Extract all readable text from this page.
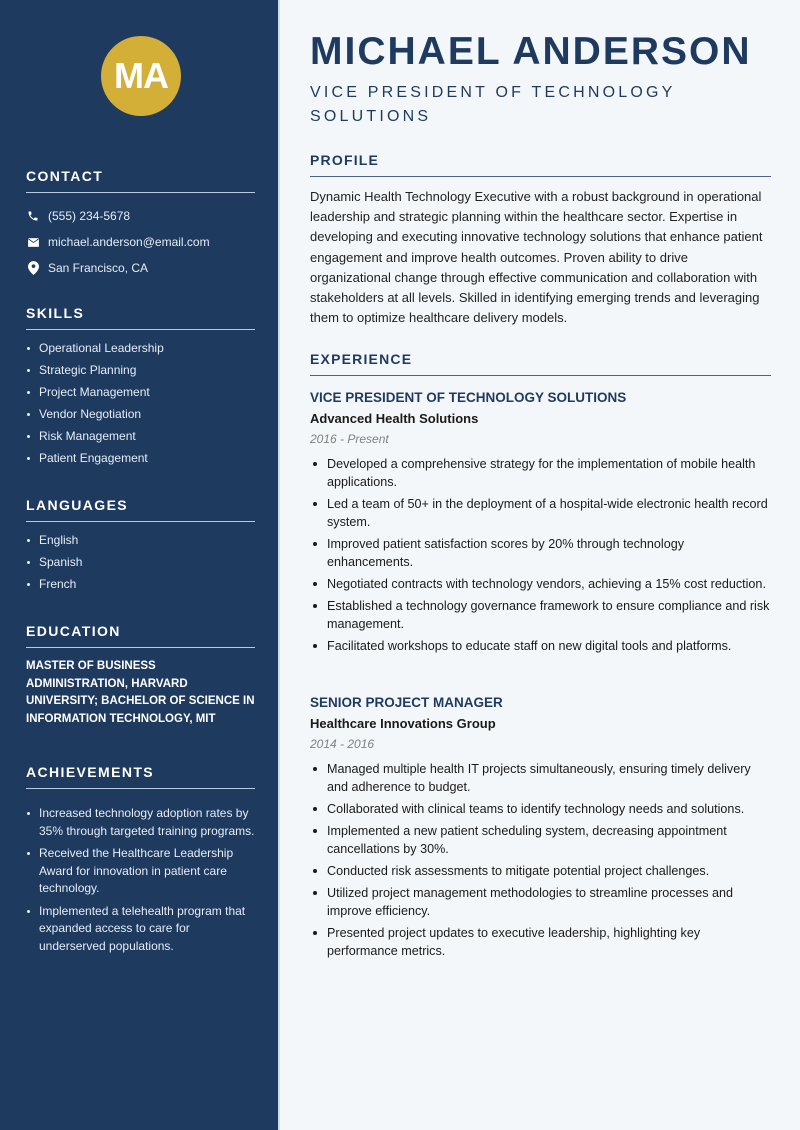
MA
CONTACT
(555) 234-5678
michael.anderson@email.com
San Francisco, CA
SKILLS
Operational Leadership
Strategic Planning
Project Management
Vendor Negotiation
Risk Management
Patient Engagement
LANGUAGES
English
Spanish
French
EDUCATION

MASTER OF BUSINESS ADMINISTRATION, HARVARD UNIVERSITY; BACHELOR OF SCIENCE IN INFORMATION TECHNOLOGY, MIT

ACHIEVEMENTS
Increased technology adoption rates by 35% through targeted training programs.
Received the Healthcare Leadership Award for innovation in patient care technology.
Implemented a telehealth program that expanded access to care for underserved populations.
MICHAEL ANDERSON
VICE PRESIDENT OF TECHNOLOGY SOLUTIONS
PROFILE

Dynamic Health Technology Executive with a robust background in operational leadership and strategic planning within the healthcare sector. Expertise in developing and executing innovative technology solutions that enhance patient engagement and improve health outcomes. Proven ability to drive organizational change through effective communication and collaboration with stakeholders at all levels. Skilled in identifying emerging trends and leveraging them to optimize healthcare delivery models.

EXPERIENCE
VICE PRESIDENT OF TECHNOLOGY SOLUTIONS
Advanced Health Solutions
2016 - Present
Developed a comprehensive strategy for the implementation of mobile health applications.
Led a team of 50+ in the deployment of a hospital-wide electronic health record system.
Improved patient satisfaction scores by 20% through technology enhancements.
Negotiated contracts with technology vendors, achieving a 15% cost reduction.
Established a technology governance framework to ensure compliance and risk management.
Facilitated workshops to educate staff on new digital tools and platforms.
SENIOR PROJECT MANAGER
Healthcare Innovations Group
2014 - 2016
Managed multiple health IT projects simultaneously, ensuring timely delivery and adherence to budget.
Collaborated with clinical teams to identify technology needs and solutions.
Implemented a new patient scheduling system, decreasing appointment cancellations by 30%.
Conducted risk assessments to mitigate potential project challenges.
Utilized project management methodologies to streamline processes and improve efficiency.
Presented project updates to executive leadership, highlighting key performance metrics.
